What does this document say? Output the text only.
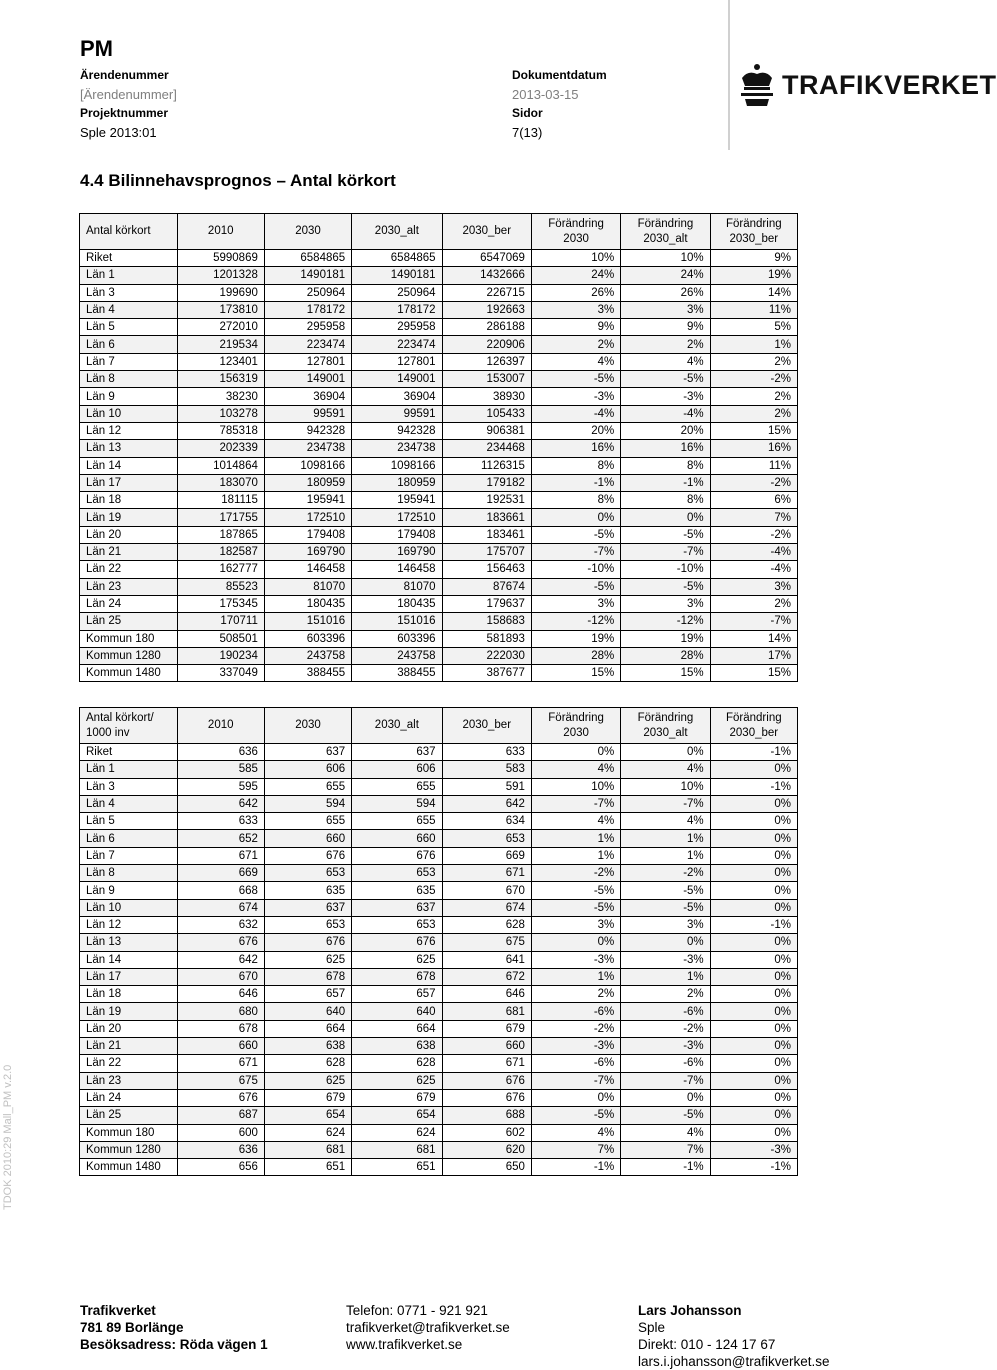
PM
Ärendenummer
[Ärendenummer]
Projektnummer
Sple 2013:01
Dokumentdatum
2013-03-15
Sidor
7(13)
TRAFIKVERKET
4.4 Bilinnehavsprognos – Antal körkort
Antal körkort	2010	2030	2030_alt	2030_ber	Förändring 2030	Förändring 2030_alt	Förändring 2030_ber
Riket	5990869	6584865	6584865	6547069	10%	10%	9%
Län 1	1201328	1490181	1490181	1432666	24%	24%	19%
Län 3	199690	250964	250964	226715	26%	26%	14%
Län 4	173810	178172	178172	192663	3%	3%	11%
Län 5	272010	295958	295958	286188	9%	9%	5%
Län 6	219534	223474	223474	220906	2%	2%	1%
Län 7	123401	127801	127801	126397	4%	4%	2%
Län 8	156319	149001	149001	153007	-5%	-5%	-2%
Län 9	38230	36904	36904	38930	-3%	-3%	2%
Län 10	103278	99591	99591	105433	-4%	-4%	2%
Län 12	785318	942328	942328	906381	20%	20%	15%
Län 13	202339	234738	234738	234468	16%	16%	16%
Län 14	1014864	1098166	1098166	1126315	8%	8%	11%
Län 17	183070	180959	180959	179182	-1%	-1%	-2%
Län 18	181115	195941	195941	192531	8%	8%	6%
Län 19	171755	172510	172510	183661	0%	0%	7%
Län 20	187865	179408	179408	183461	-5%	-5%	-2%
Län 21	182587	169790	169790	175707	-7%	-7%	-4%
Län 22	162777	146458	146458	156463	-10%	-10%	-4%
Län 23	85523	81070	81070	87674	-5%	-5%	3%
Län 24	175345	180435	180435	179637	3%	3%	2%
Län 25	170711	151016	151016	158683	-12%	-12%	-7%
Kommun 180	508501	603396	603396	581893	19%	19%	14%
Kommun 1280	190234	243758	243758	222030	28%	28%	17%
Kommun 1480	337049	388455	388455	387677	15%	15%	15%
Antal körkort/ 1000 inv	2010	2030	2030_alt	2030_ber	Förändring 2030	Förändring 2030_alt	Förändring 2030_ber
Riket	636	637	637	633	0%	0%	-1%
Län 1	585	606	606	583	4%	4%	0%
Län 3	595	655	655	591	10%	10%	-1%
Län 4	642	594	594	642	-7%	-7%	0%
Län 5	633	655	655	634	4%	4%	0%
Län 6	652	660	660	653	1%	1%	0%
Län 7	671	676	676	669	1%	1%	0%
Län 8	669	653	653	671	-2%	-2%	0%
Län 9	668	635	635	670	-5%	-5%	0%
Län 10	674	637	637	674	-5%	-5%	0%
Län 12	632	653	653	628	3%	3%	-1%
Län 13	676	676	676	675	0%	0%	0%
Län 14	642	625	625	641	-3%	-3%	0%
Län 17	670	678	678	672	1%	1%	0%
Län 18	646	657	657	646	2%	2%	0%
Län 19	680	640	640	681	-6%	-6%	0%
Län 20	678	664	664	679	-2%	-2%	0%
Län 21	660	638	638	660	-3%	-3%	0%
Län 22	671	628	628	671	-6%	-6%	0%
Län 23	675	625	625	676	-7%	-7%	0%
Län 24	676	679	679	676	0%	0%	0%
Län 25	687	654	654	688	-5%	-5%	0%
Kommun 180	600	624	624	602	4%	4%	0%
Kommun 1280	636	681	681	620	7%	7%	-3%
Kommun 1480	656	651	651	650	-1%	-1%	-1%
TDOK 2010:29 Mall_PM v.2.0
Trafikverket
781 89 Borlänge
Besöksadress: Röda vägen 1
Telefon: 0771 - 921 921
trafikverket@trafikverket.se
www.trafikverket.se
Lars Johansson
Sple
Direkt: 010 - 124 17 67
lars.i.johansson@trafikverket.se
